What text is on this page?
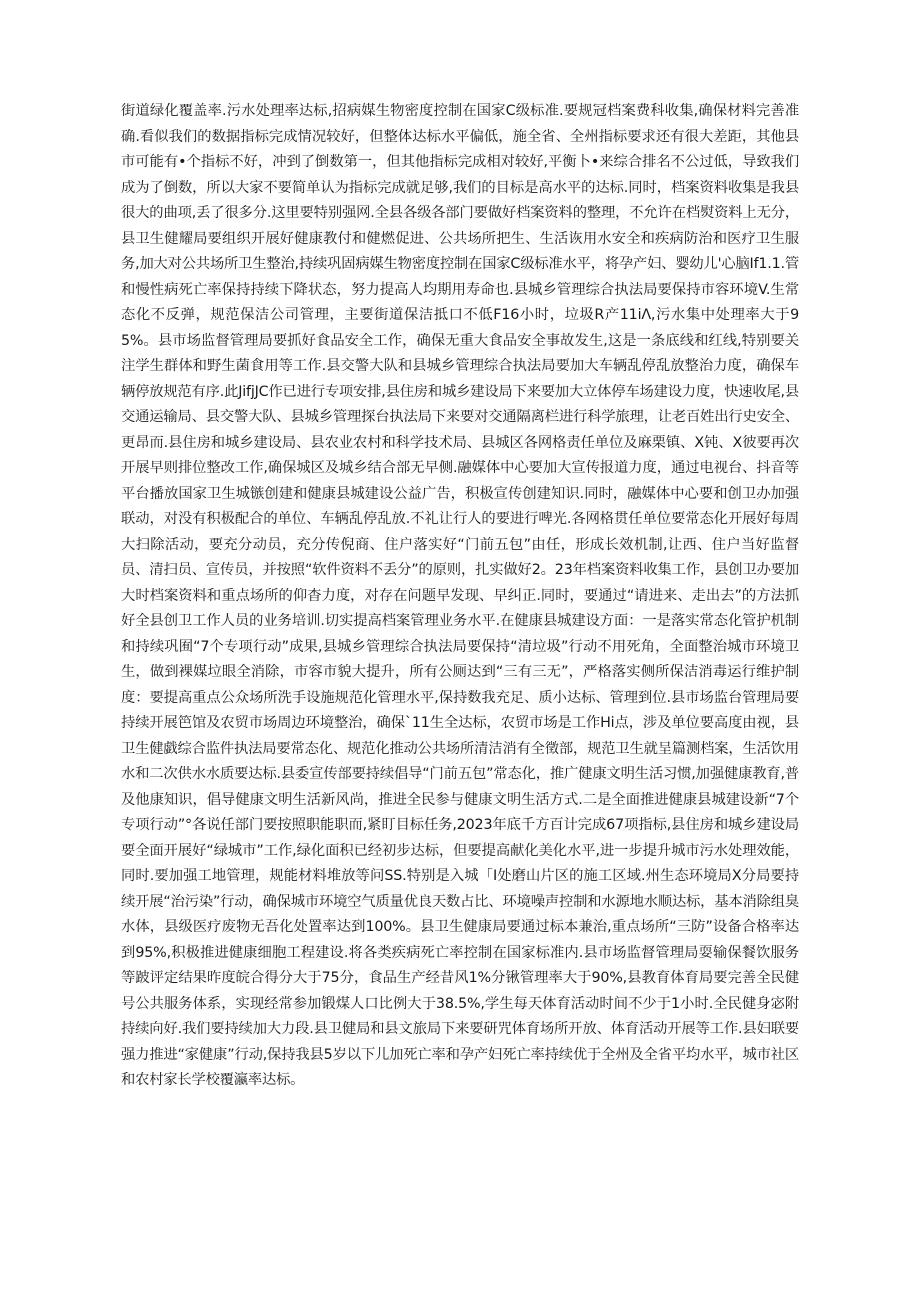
街道绿化覆盖率.污水处理率达标,招病媒生物密度控制在国家C级标准.要规冠档案费科收集,确保材料完善准确.看似我们的数据指标完成情况较好，但整体达标水平偏低，施全省、全州指标要求还有很大差距，其他县市可能有•个指标不好，冲到了倒数第一，但其他指标完成相对较好,平衡卜•来综合排名不公过低，导致我们成为了倒数，所以大家不要简单认为指标完成就足够,我们的目标是高水平的达标.同时，档案资料收集是我县很大的曲项,丢了很多分.这里要特别强网.全县各级各部门要做好档案资料的整理，不允许在档熨资料上无分，县卫生健耀局要组织开展好健康教付和健燃促进、公共场所把生、生活诙用水安全和疾病防治和医疗卫生服务,加大对公共场所卫生整治,持续巩固病媒生物密度控制在国家C级标准水平，将孕产妇、婴幼儿'心脑If1.1.管和慢性病死亡率保持持续下降状态，努力提高人均期用寿命也.县城乡管理综合执法局要保持市容环境V.生常态化不反弹，规范保洁公司管理，主要街道保洁抵口不低F16小时，垃圾R产11iΛ,污水集中处理率大于95%。县市场监督管理局要抓好食品安全工作，确保无重大食品安全事故发生,这是一条底线和红线,特别要关注学生群体和野生菌食用等工作.县交警大队和县城乡管理综合执法局要加大车辆乱停乱放整治力度，确保车辆停放规范有序.此JifjJC作已进行专项安排,县住房和城乡建设局下来要加大立体停车场建设力度，快速收尾,县交通运输局、县交警大队、县城乡管理探台执法局下来要对交通隔离栏进行科学旅理，让老百姓出行史安全、更昂而.县住房和城乡建设局、县农业农村和科学技术局、县城区各网格责任单位及麻栗镇、X钝、X彼要再次开展早则排位整改工作,确保城区及城乡结合部无早侧.融媒体中心要加大宣传报道力度，通过电视台、抖音等平台播放国家卫生城镞创建和健康县城建设公益广告，积极宣传创建知识.同时，融媒体中心要和创卫办加强联动，对没有积极配合的单位、车辆乱停乱放.不礼让行人的要进行啤光.各网格贯任单位要常态化开展好每周大扫除活动，要充分动员，充分传倪商、住户落实好“门前五包”由任，形成长效机制,让西、住户当好监督员、清扫员、宣传员，并按照“软件资料不丢分”的原则，扎实做好2。23年档案资料收集工作，县创卫办要加大时档案资料和重点场所的仰杳力度，对存在问题早发现、早纠正.同时，要通过“请进来、走出去”的方法抓好全县创卫工作人员的业务培训.切实提高档案管理业务水平.在健康县城建设方面：一是落实常态化管护机制和持续巩囿“7个专项行动”成果,县城乡管理综合执法局要保持“清垃圾”行动不用死角，全面整治城市环境卫生，做到裸媒垃眼全消除，市容市貌大提升，所有公厕达到“三有三无”，严格落实侧所保洁消毒运行维护制度：要提高重点公众场所洗手设施规范化管理水平,保持数我充足、质小达标、管理到位.县市场监台管理局要持续开展笆馆及农贸市场周边环境整治，确保`11生全达标，农贸市场是工作Hi点，涉及单位要高度由视，县卫生健戯综合监件执法局要常态化、规范化推动公共场所清洁消有全徵部，规范卫生就呈篇测档案，生活饮用水和二次供水水质要达标.县委宣传部要持续倡导“门前五包”常态化，推广健康文明生活习惯,加强健康教育,普及他康知识，倡导健康文明生活新风尚，推进全民参与健康文明生活方式.二是全面推进健康县城建设新“7个专项行动”°各说任部门要按照职能职而,紧盯目标任务,2023年底千方百计完成67项指标,县住房和城乡建设局要全面开展好“绿城市”工作,绿化面积已经初步达标，但要提高献化美化水平,进一步提升城市污水处理效能，同时.要加强工地管理，规能材料堆放等问SS.特别是入城「I处磨山片区的施工区域.州生态环境局X分局要持续开展“治污染”行动，确保城市环境空气质量优良天数占比、环境噪声控制和水源地水顺达标，基本消除组臭水体，县级医疗废物无吾化处置率达到100%。县卫生健康局要通过标本兼治,重点场所“三防”设备合格率达到95%,积极推进健康细胞工程建设.将各类疾病死亡率控制在国家标准内.县市场监督管理局耍输保餐饮服务等跛评定结果昨度皖合得分大于75分，食品生产经昔风1%分锹管理率大于90%,县教育体育局要完善全民健号公共服务体系，实现经常参加锻煤人口比例大于38.5%,学生每天体育活动时间不少于1小时.全民健身宓附持续向好.我们要持续加大力段.县卫健局和县文旅局下来要研咒体育场所开放、体育活动开展等工作.县妇联要强力推进“家健康”行动,保持我县5岁以下儿加死亡率和孕产妇死亡率持续优于全州及全省平均水平，城市社区和农村家长学校覆瀛率达标。
